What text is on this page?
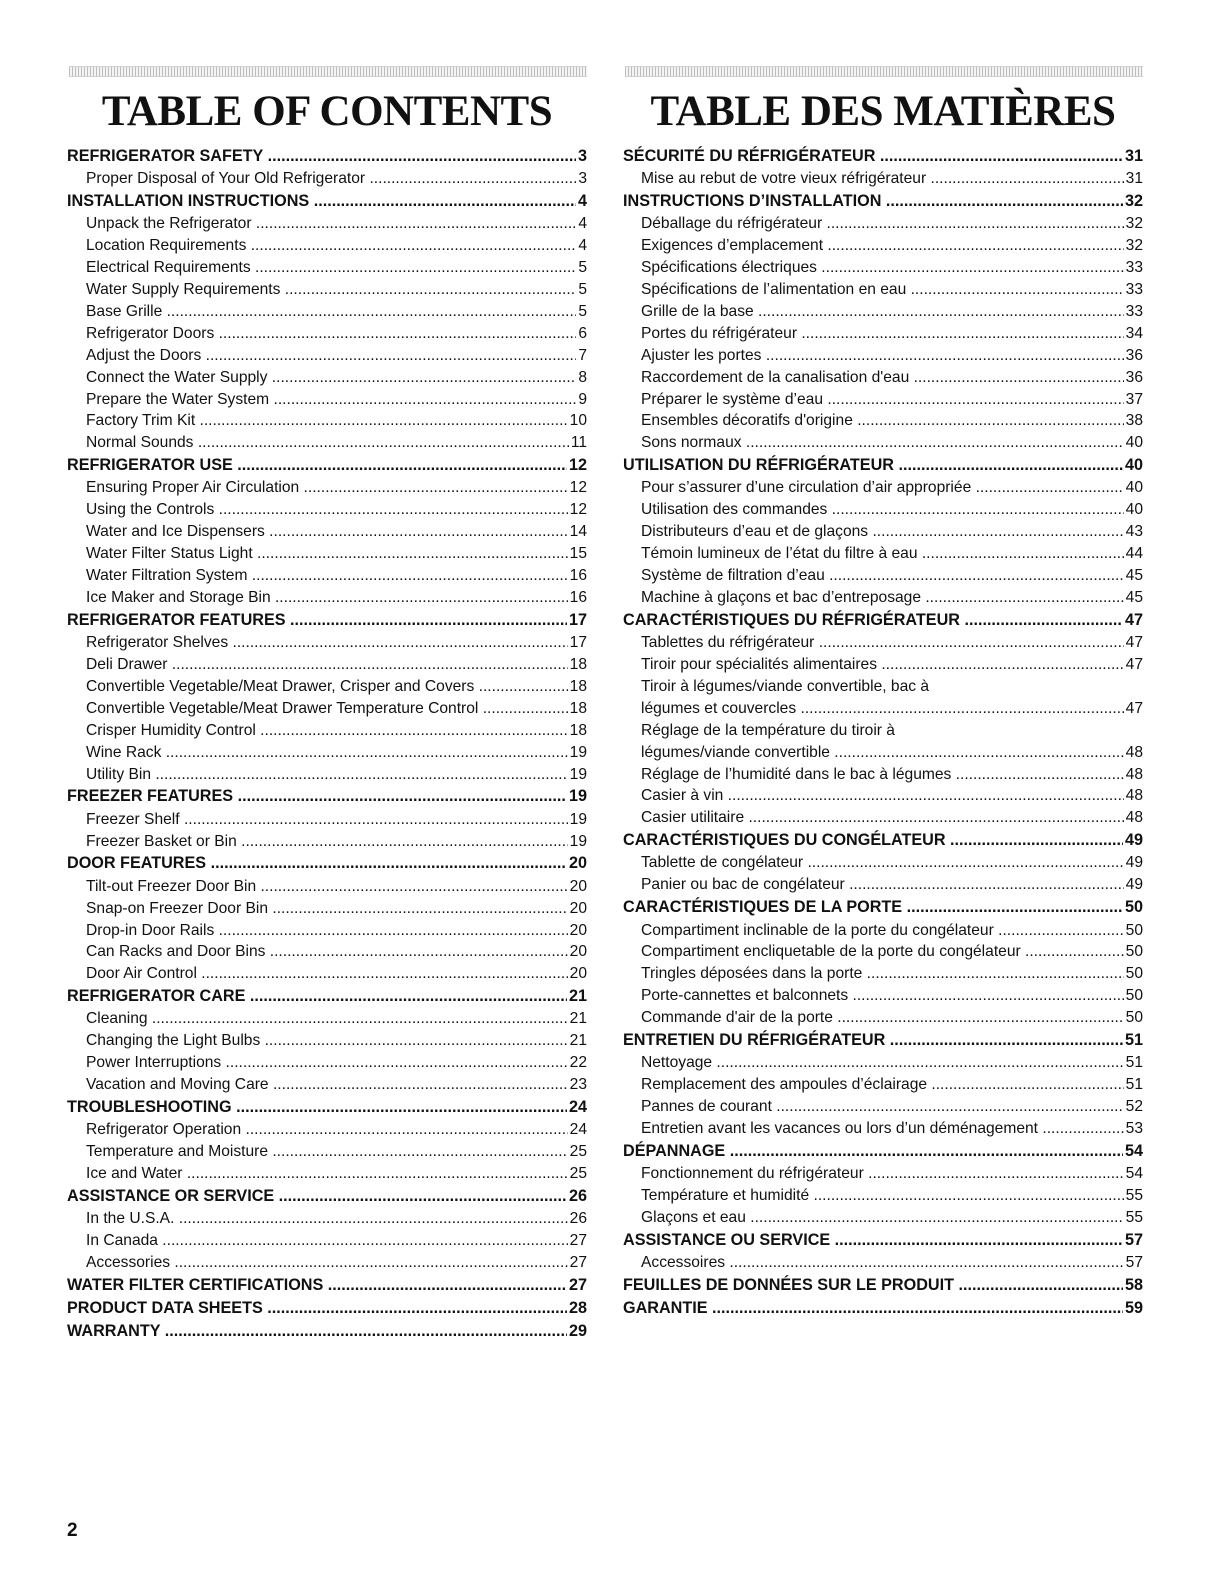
TABLE OF CONTENTS
REFRIGERATOR SAFETY .....	3
Proper Disposal of Your Old Refrigerator .....	3
INSTALLATION INSTRUCTIONS .....	4
Unpack the Refrigerator .....	4
Location Requirements .....	4
Electrical Requirements .....	5
Water Supply Requirements .....	5
Base Grille .....	5
Refrigerator Doors .....	6
Adjust the Doors .....	7
Connect the Water Supply .....	8
Prepare the Water System .....	9
Factory Trim Kit .....	10
Normal Sounds .....	11
REFRIGERATOR USE .....	12
Ensuring Proper Air Circulation .....	12
Using the Controls .....	12
Water and Ice Dispensers .....	14
Water Filter Status Light .....	15
Water Filtration System .....	16
Ice Maker and Storage Bin .....	16
REFRIGERATOR FEATURES .....	17
Refrigerator Shelves .....	17
Deli Drawer .....	18
Convertible Vegetable/Meat Drawer, Crisper and Covers .....	18
Convertible Vegetable/Meat Drawer Temperature Control .....	18
Crisper Humidity Control .....	18
Wine Rack .....	19
Utility Bin .....	19
FREEZER FEATURES .....	19
Freezer Shelf .....	19
Freezer Basket or Bin .....	19
DOOR FEATURES .....	20
Tilt-out Freezer Door Bin .....	20
Snap-on Freezer Door Bin .....	20
Drop-in Door Rails .....	20
Can Racks and Door Bins .....	20
Door Air Control .....	20
REFRIGERATOR CARE .....	21
Cleaning .....	21
Changing the Light Bulbs .....	21
Power Interruptions .....	22
Vacation and Moving Care .....	23
TROUBLESHOOTING .....	24
Refrigerator Operation .....	24
Temperature and Moisture .....	25
Ice and Water .....	25
ASSISTANCE OR SERVICE .....	26
In the U.S.A. .....	26
In Canada .....	27
Accessories .....	27
WATER FILTER CERTIFICATIONS .....	27
PRODUCT DATA SHEETS .....	28
WARRANTY .....	29
TABLE DES MATIÈRES
SÉCURITÉ DU RÉFRIGÉRATEUR .....	31
Mise au rebut de votre vieux réfrigérateur .....	31
INSTRUCTIONS D’INSTALLATION .....	32
Déballage du réfrigérateur .....	32
Exigences d’emplacement .....	32
Spécifications électriques .....	33
Spécifications de l’alimentation en eau .....	33
Grille de la base .....	33
Portes du réfrigérateur .....	34
Ajuster les portes .....	36
Raccordement de la canalisation d'eau .....	36
Préparer le système d’eau .....	37
Ensembles décoratifs d'origine .....	38
Sons normaux .....	40
UTILISATION DU RÉFRIGÉRATEUR .....	40
Pour s’assurer d’une circulation d’air appropriée .....	40
Utilisation des commandes .....	40
Distributeurs d’eau et de glaçons .....	43
Témoin lumineux de l’état du filtre à eau .....	44
Système de filtration d’eau .....	45
Machine à glaçons et bac d’entreposage .....	45
CARACTÉRISTIQUES DU RÉFRIGÉRATEUR .....	47
Tablettes du réfrigérateur .....	47
Tiroir pour spécialités alimentaires .....	47
Tiroir à légumes/viande convertible, bac à
légumes et couvercles .....	47
Réglage de la température du tiroir à
légumes/viande convertible .....	48
Réglage de l’humidité dans le bac à légumes .....	48
Casier à vin .....	48
Casier utilitaire .....	48
CARACTÉRISTIQUES DU CONGÉLATEUR .....	49
Tablette de congélateur .....	49
Panier ou bac de congélateur .....	49
CARACTÉRISTIQUES DE LA PORTE .....	50
Compartiment inclinable de la porte du congélateur .....	50
Compartiment encliquetable de la porte du congélateur .....	50
Tringles déposées dans la porte .....	50
Porte-cannettes et balconnets .....	50
Commande d'air de la porte .....	50
ENTRETIEN DU RÉFRIGÉRATEUR .....	51
Nettoyage .....	51
Remplacement des ampoules d’éclairage .....	51
Pannes de courant .....	52
Entretien avant les vacances ou lors d’un déménagement .....	53
DÉPANNAGE .....	54
Fonctionnement du réfrigérateur .....	54
Température et humidité .....	55
Glaçons et eau .....	55
ASSISTANCE OU SERVICE .....	57
Accessoires .....	57
FEUILLES DE DONNÉES SUR LE PRODUIT .....	58
GARANTIE .....	59
2
